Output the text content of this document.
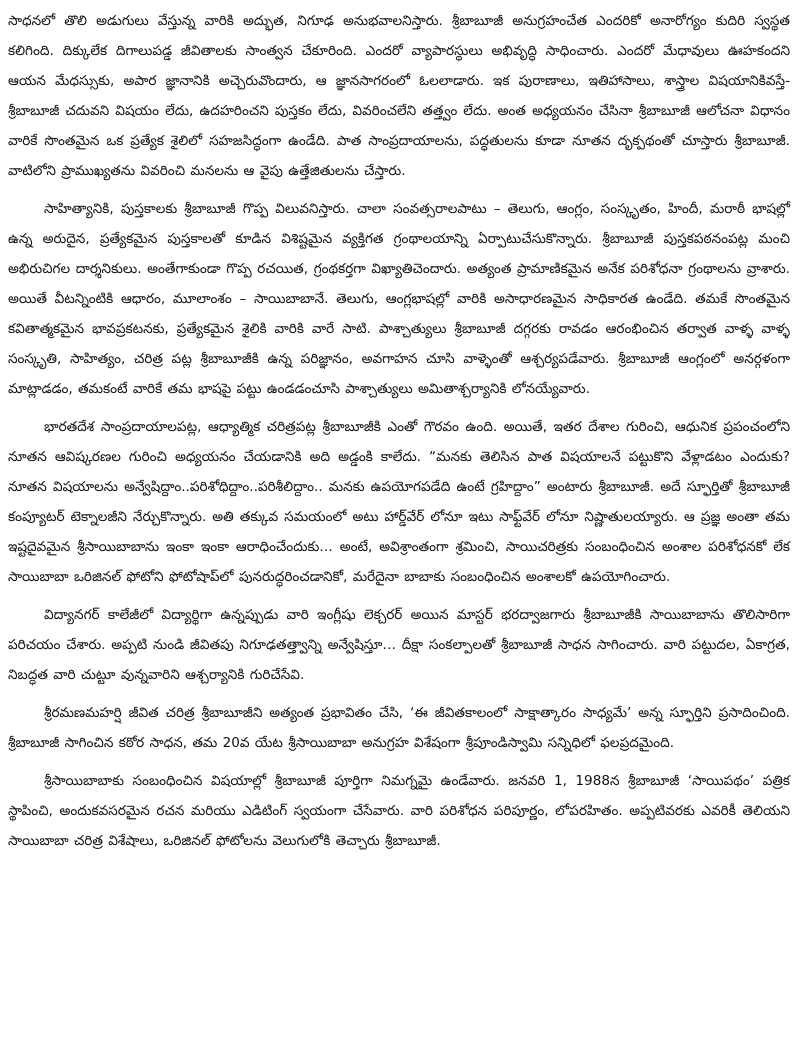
సాధనలో తొలి అడుగులు వేస్తున్న వారికి అద్భుత, నిగూఢ అనుభవాలనిస్తారు. శ్రీబాబూజీ అనుగ్రహంచేత ఎందరికో అనారోగ్యం కుదిరి స్వస్థత కలిగింది. దిక్కులేక దిగాలుపడ్డ జీవితాలకు సాంత్వన చేకూరింది. ఎందరో వ్యాపారస్థులు అభివృద్ధి సాధించారు. ఎందరో మేధావులు ఊహకందని ఆయన మేధస్సుకు, అపార జ్ఞానానికి అచ్చెరువొందారు, ఆ జ్ఞానసాగరంలో ఓలలాడారు. ఇక పురాణాలు, ఇతిహాసాలు, శాస్త్రాల విషయానికివస్తే- శ్రీబాబూజీ చదువని విషయం లేదు, ఉదహరించని పుస్తకం లేదు, వివరించలేని తత్త్వం లేదు. అంత అధ్యయనం చేసినా శ్రీబాబూజీ ఆలోచనా విధానం వారికే సొంతమైన ఒక ప్రత్యేక శైలిలో సహజసిద్ధంగా ఉండేది. పాత సాంప్రదాయాలను, పద్ధతులను కూడా నూతన దృక్పథంతో చూస్తారు శ్రీబాబూజీ. వాటిలోని ప్రాముఖ్యతను వివరించి మనలను ఆ వైపు ఉత్తేజితులను చేస్తారు.

సాహిత్యానికి, పుస్తకాలకు శ్రీబాబూజీ గొప్ప విలువనిస్తారు. చాలా సంవత్సరాలపాటు – తెలుగు, ఆంగ్లం, సంస్కృతం, హిందీ, మరాఠీ భాషల్లో ఉన్న అరుదైన, ప్రత్యేకమైన పుస్తకాలతో కూడిన విశిష్టమైన వ్యక్తిగత గ్రంథాలయాన్ని ఏర్పాటుచేసుకొన్నారు. శ్రీబాబూజీ పుస్తకపఠనంపట్ల మంచి అభిరుచిగల దార్శనికులు. అంతేగాకుండా గొప్ప రచయిత, గ్రంథకర్తగా విఖ్యాతిచెందారు. అత్యంత ప్రామాణికమైన అనేక పరిశోధనా గ్రంథాలను వ్రాశారు. అయితే వీటన్నింటికి ఆధారం, మూలాంశం – సాయిబాబానే. తెలుగు, ఆంగ్లభాషల్లో వారికి అసాధారణమైన సాధికారత ఉండేది. తమకే సొంతమైన కవితాత్మకమైన భావప్రకటనకు, ప్రత్యేకమైన శైలికి వారికి వారే సాటి. పాశ్చాత్యులు శ్రీబాబూజీ దగ్గరకు రావడం ఆరంభించిన తర్వాత వాళ్ళ వాళ్ళ సంస్కృతి, సాహిత్యం, చరిత్ర పట్ల శ్రీబాబూజీకి ఉన్న పరిజ్ఞానం, అవగాహన చూసి వాళ్ళెంతో ఆశ్చర్యపడేవారు. శ్రీబాబూజీ ఆంగ్లంలో అనర్గళంగా మాట్లాడడం, తమకంటే వారికే తమ భాషపై పట్టు ఉండడంచూసి పాశ్చాత్యులు అమితాశ్చర్యానికి లోనయ్యేవారు.

భారతదేశ సాంప్రదాయాలపట్ల, ఆధ్యాత్మిక చరిత్రపట్ల శ్రీబాబూజీకి ఎంతో గౌరవం ఉంది. అయితే, ఇతర దేశాల గురించి, ఆధునిక ప్రపంచంలోని నూతన ఆవిష్కరణల గురించి అధ్యయనం చేయడానికి అది అడ్డంకి కాలేదు. “మనకు తెలిసిన పాత విషయాలనే పట్టుకొని వేళ్లాడటం ఎందుకు? నూతన విషయాలను అన్వేషిద్దాం..పరిశోధిద్దాం..పరిశీలిద్దాం.. మనకు ఉపయోగపడేది ఉంటే గ్రహిద్దాం” అంటారు శ్రీబాబూజీ. అదే స్ఫూర్తితో శ్రీబాబూజీ కంప్యూటర్ టెక్నాలజీని నేర్చుకొన్నారు. అతి తక్కువ సమయంలో అటు హార్డ్‌వేర్ లోనూ ఇటు సాఫ్ట్‌వేర్ లోనూ నిష్ణాతులయ్యారు. ఆ ప్రజ్ఞ అంతా తమ ఇష్టదైవమైన శ్రీసాయిబాబాను ఇంకా ఇంకా ఆరాధించేందుకు… అంటే, అవిశ్రాంతంగా శ్రమించి, సాయిచరిత్రకు సంబంధించిన అంశాల పరిశోధనకో లేక సాయిబాబా ఒరిజినల్ ఫోటోని ఫోటోషాప్‌లో పునరుద్ధరించడానికో, మరేదైనా బాబాకు సంబంధించిన అంశాలకో ఉపయోగించారు.

విద్యానగర్ కాలేజీలో విద్యార్థిగా ఉన్నప్పుడు వారి ఇంగ్లీషు లెక్చరర్ అయిన మాస్టర్ భరద్వాజగారు శ్రీబాబూజీకి సాయిబాబాను తొలిసారిగా పరిచయం చేశారు. అప్పటి నుండి జీవితపు నిగూఢతత్త్వాన్ని అన్వేషిస్తూ… దీక్షా సంకల్పాలతో శ్రీబాబూజీ సాధన సాగించారు. వారి పట్టుదల, ఏకాగ్రత, నిబద్ధత వారి చుట్టూ వున్నవారిని ఆశ్చర్యానికి గురిచేసేవి.

శ్రీరమణమహర్షి జీవిత చరిత్ర శ్రీబాబూజీని అత్యంత ప్రభావితం చేసి, ‘ఈ జీవితకాలంలో సాక్షాత్కారం సాధ్యమే’ అన్న స్ఫూర్తిని ప్రసాదించింది. శ్రీబాబూజీ సాగించిన కఠోర సాధన, తమ 20వ యేట శ్రీసాయిబాబా అనుగ్రహ విశేషంగా శ్రీపూండిస్వామి సన్నిధిలో ఫలప్రదమైంది.

శ్రీసాయిబాబాకు సంబంధించిన విషయాల్లో శ్రీబాబూజీ పూర్తిగా నిమగ్నమై ఉండేవారు. జనవరి 1, 1988న శ్రీబాబూజీ ‘సాయిపథం’ పత్రిక స్థాపించి, అందుకవసరమైన రచన మరియు ఎడిటింగ్ స్వయంగా చేసేవారు. వారి పరిశోధన పరిపూర్ణం, లోపరహితం. అప్పటివరకు ఎవరికీ తెలియని సాయిబాబా చరిత్ర విశేషాలు, ఒరిజినల్ ఫోటోలను వెలుగులోకి తెచ్చారు శ్రీబాబూజీ.
